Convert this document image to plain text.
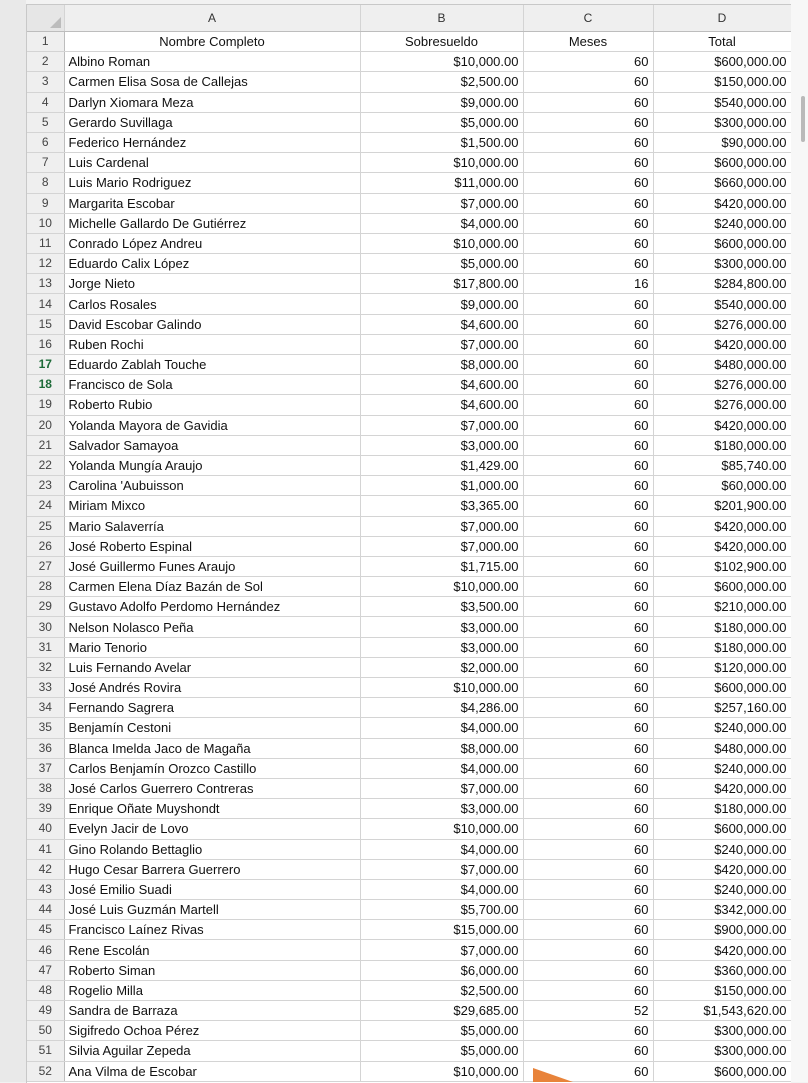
	A	B	C	D
1	Nombre Completo	Sobresueldo	Meses	Total
2	Albino Roman	$10,000.00	60	$600,000.00
3	Carmen Elisa Sosa de Callejas	$2,500.00	60	$150,000.00
4	Darlyn Xiomara Meza	$9,000.00	60	$540,000.00
5	Gerardo Suvillaga	$5,000.00	60	$300,000.00
6	Federico Hernández	$1,500.00	60	$90,000.00
7	Luis Cardenal	$10,000.00	60	$600,000.00
8	Luis Mario Rodriguez	$11,000.00	60	$660,000.00
9	Margarita Escobar	$7,000.00	60	$420,000.00
10	Michelle Gallardo De Gutiérrez	$4,000.00	60	$240,000.00
11	Conrado López Andreu	$10,000.00	60	$600,000.00
12	Eduardo Calix López	$5,000.00	60	$300,000.00
13	Jorge Nieto	$17,800.00	16	$284,800.00
14	Carlos Rosales	$9,000.00	60	$540,000.00
15	David Escobar Galindo	$4,600.00	60	$276,000.00
16	Ruben Rochi	$7,000.00	60	$420,000.00
17	Eduardo Zablah Touche	$8,000.00	60	$480,000.00
18	Francisco de Sola	$4,600.00	60	$276,000.00
19	Roberto Rubio	$4,600.00	60	$276,000.00
20	Yolanda Mayora de Gavidia	$7,000.00	60	$420,000.00
21	Salvador Samayoa	$3,000.00	60	$180,000.00
22	Yolanda Mungía Araujo	$1,429.00	60	$85,740.00
23	Carolina 'Aubuisson	$1,000.00	60	$60,000.00
24	Miriam Mixco	$3,365.00	60	$201,900.00
25	Mario Salaverría	$7,000.00	60	$420,000.00
26	José Roberto Espinal	$7,000.00	60	$420,000.00
27	José Guillermo Funes Araujo	$1,715.00	60	$102,900.00
28	Carmen Elena Díaz Bazán de Sol	$10,000.00	60	$600,000.00
29	Gustavo Adolfo Perdomo Hernández	$3,500.00	60	$210,000.00
30	Nelson Nolasco Peña	$3,000.00	60	$180,000.00
31	Mario Tenorio	$3,000.00	60	$180,000.00
32	Luis Fernando Avelar	$2,000.00	60	$120,000.00
33	José Andrés Rovira	$10,000.00	60	$600,000.00
34	Fernando Sagrera	$4,286.00	60	$257,160.00
35	Benjamín Cestoni	$4,000.00	60	$240,000.00
36	Blanca Imelda Jaco de Magaña	$8,000.00	60	$480,000.00
37	Carlos Benjamín Orozco Castillo	$4,000.00	60	$240,000.00
38	José Carlos Guerrero Contreras	$7,000.00	60	$420,000.00
39	Enrique Oñate Muyshondt	$3,000.00	60	$180,000.00
40	Evelyn Jacir de Lovo	$10,000.00	60	$600,000.00
41	Gino Rolando Bettaglio	$4,000.00	60	$240,000.00
42	Hugo Cesar Barrera Guerrero	$7,000.00	60	$420,000.00
43	José Emilio Suadi	$4,000.00	60	$240,000.00
44	José Luis Guzmán Martell	$5,700.00	60	$342,000.00
45	Francisco Laínez Rivas	$15,000.00	60	$900,000.00
46	Rene Escolán	$7,000.00	60	$420,000.00
47	Roberto Siman	$6,000.00	60	$360,000.00
48	Rogelio Milla	$2,500.00	60	$150,000.00
49	Sandra de Barraza	$29,685.00	52	$1,543,620.00
50	Sigifredo Ochoa Pérez	$5,000.00	60	$300,000.00
51	Silvia Aguilar Zepeda	$5,000.00	60	$300,000.00
52	Ana Vilma de Escobar	$10,000.00	60	$600,000.00
